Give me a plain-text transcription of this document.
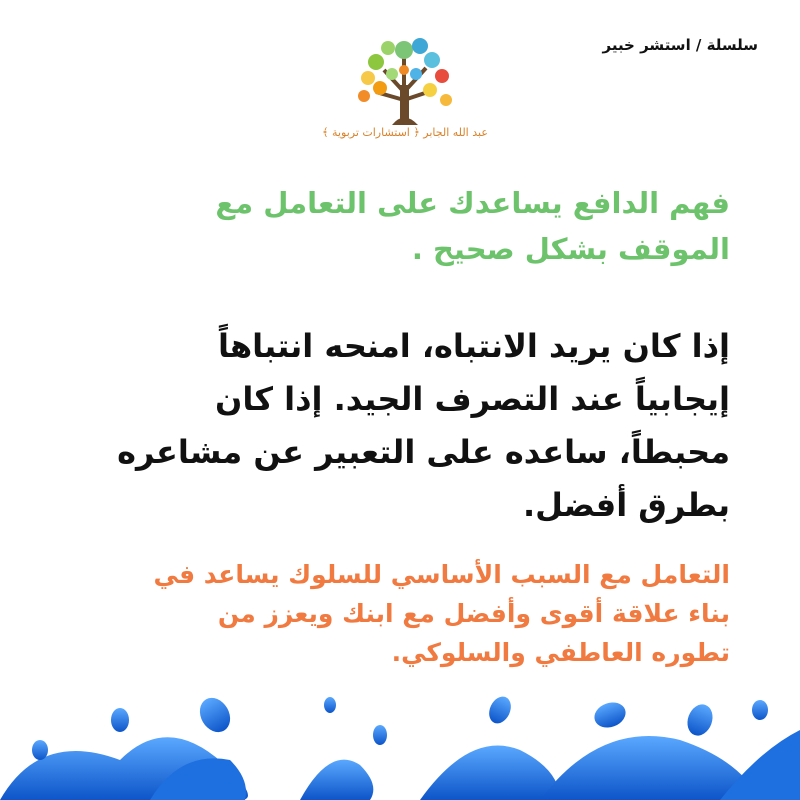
سلسلة / استشر خبير
عبد الله الجابر ﴿ استشارات تربوية ﴾
فهم الدافع يساعدك على التعامل مع
الموقف بشكل صحيح .
إذا كان يريد الانتباه، امنحه انتباهاً
إيجابياً عند التصرف الجيد. إذا كان
محبطاً، ساعده على التعبير عن مشاعره
بطرق أفضل.
التعامل مع السبب الأساسي للسلوك يساعد في
بناء علاقة أقوى وأفضل مع ابنك ويعزز من
تطوره العاطفي والسلوكي.
